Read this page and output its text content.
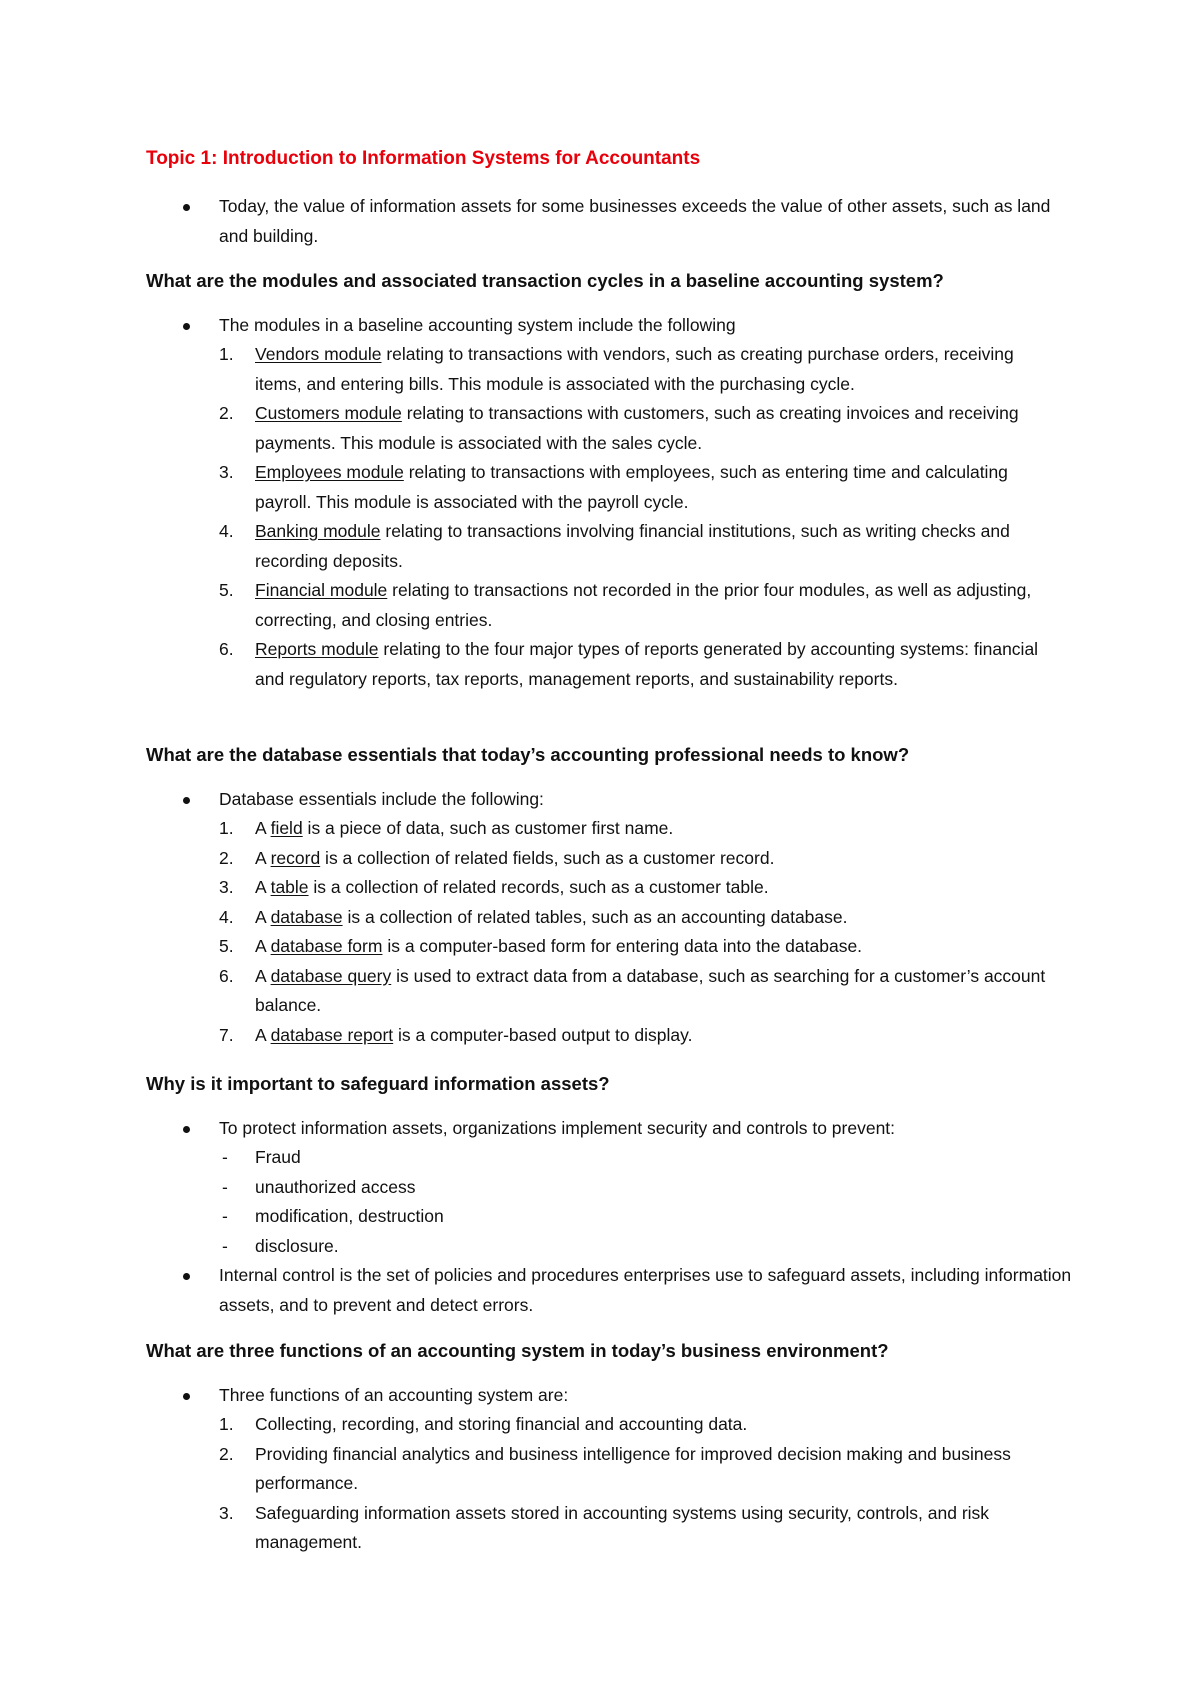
Topic 1: Introduction to Information Systems for Accountants
Today, the value of information assets for some businesses exceeds the value of other assets, such as land and building.
What are the modules and associated transaction cycles in a baseline accounting system?
The modules in a baseline accounting system include the following
1. Vendors module relating to transactions with vendors, such as creating purchase orders, receiving items, and entering bills. This module is associated with the purchasing cycle.
2. Customers module relating to transactions with customers, such as creating invoices and receiving payments. This module is associated with the sales cycle.
3. Employees module relating to transactions with employees, such as entering time and calculating payroll. This module is associated with the payroll cycle.
4. Banking module relating to transactions involving financial institutions, such as writing checks and recording deposits.
5. Financial module relating to transactions not recorded in the prior four modules, as well as adjusting, correcting, and closing entries.
6. Reports module relating to the four major types of reports generated by accounting systems: financial and regulatory reports, tax reports, management reports, and sustainability reports.
What are the database essentials that today’s accounting professional needs to know?
Database essentials include the following:
1. A field is a piece of data, such as customer first name.
2. A record is a collection of related fields, such as a customer record.
3. A table is a collection of related records, such as a customer table.
4. A database is a collection of related tables, such as an accounting database.
5. A database form is a computer-based form for entering data into the database.
6. A database query is used to extract data from a database, such as searching for a customer’s account balance.
7. A database report is a computer-based output to display.
Why is it important to safeguard information assets?
To protect information assets, organizations implement security and controls to prevent:
- Fraud
- unauthorized access
- modification, destruction
- disclosure.
Internal control is the set of policies and procedures enterprises use to safeguard assets, including information assets, and to prevent and detect errors.
What are three functions of an accounting system in today’s business environment?
Three functions of an accounting system are:
1. Collecting, recording, and storing financial and accounting data.
2. Providing financial analytics and business intelligence for improved decision making and business performance.
3. Safeguarding information assets stored in accounting systems using security, controls, and risk management.
